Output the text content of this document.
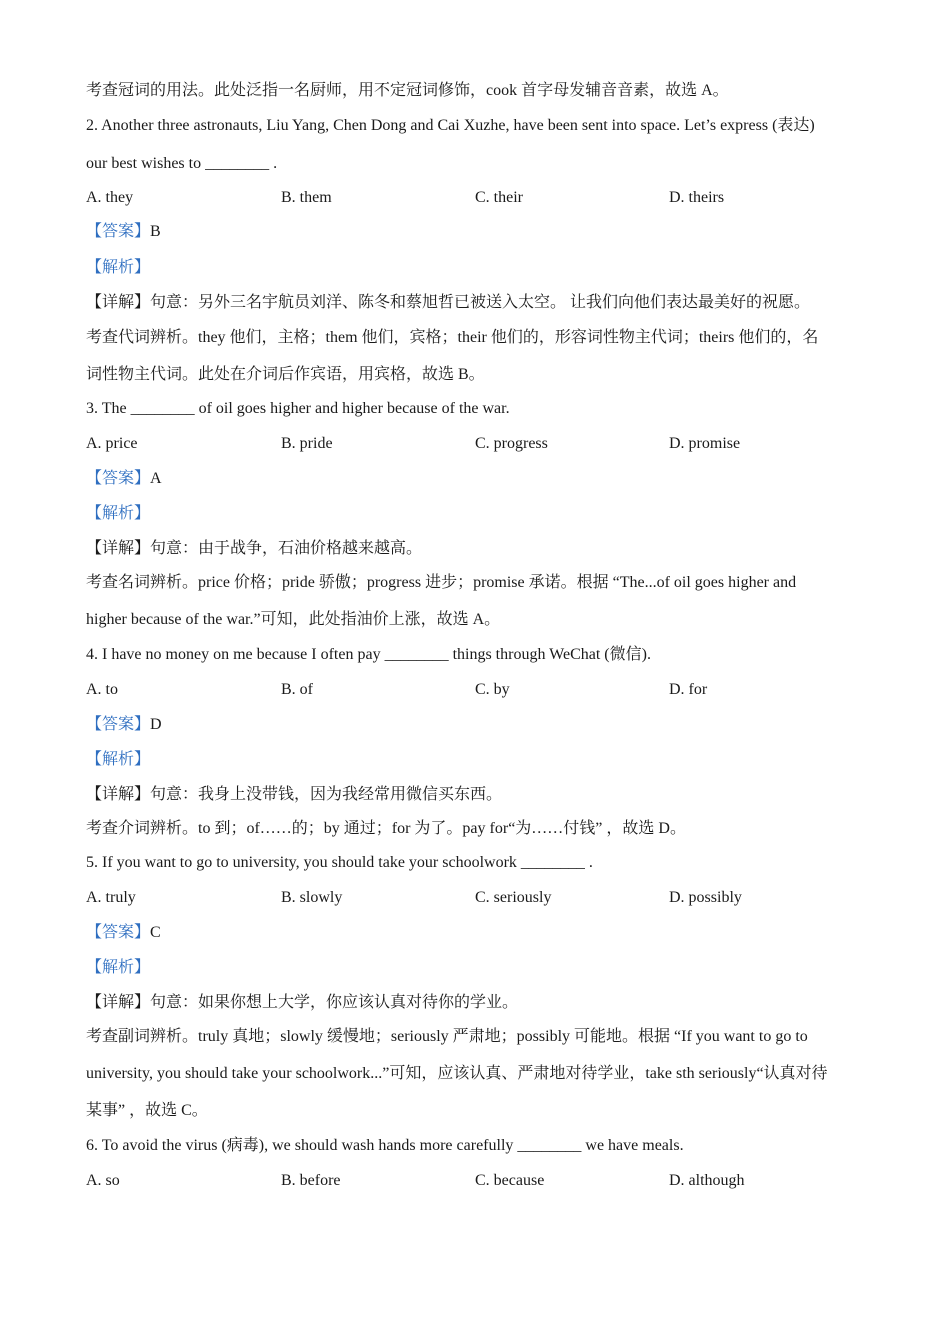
考查冠词的用法。此处泛指一名厨师，用不定冠词修饰，cook 首字母发辅音音素，故选 A。
2. Another three astronauts, Liu Yang, Chen Dong and Cai Xuzhe, have been sent into space. Let’s express (表达)
our best wishes to ________ .
A. they	B. them	C. their	D. theirs
【答案】B
【解析】
【详解】句意：另外三名宇航员刘洋、陈冬和蔡旭哲已被送入太空。 让我们向他们表达最美好的祝愿。
考查代词辨析。they 他们，主格；them 他们，宾格；their 他们的，形容词性物主代词；theirs 他们的，名
词性物主代词。此处在介词后作宾语，用宾格，故选 B。
3. The ________ of oil goes higher and higher because of the war.
A. price	B. pride	C. progress	D. promise
【答案】A
【解析】
【详解】句意：由于战争，石油价格越来越高。
考查名词辨析。price 价格；pride 骄傲；progress 进步；promise 承诺。根据 “The...of oil goes higher and
higher because of the war.”可知，此处指油价上涨，故选 A。
4. I have no money on me because I often pay ________ things through WeChat (微信).
A. to	B. of	C. by	D. for
【答案】D
【解析】
【详解】句意：我身上没带钱，因为我经常用微信买东西。
考查介词辨析。to 到；of……的；by 通过；for 为了。pay for“为……付钱” ，故选 D。
5. If you want to go to university, you should take your schoolwork ________ .
A. truly	B. slowly	C. seriously	D. possibly
【答案】C
【解析】
【详解】句意：如果你想上大学，你应该认真对待你的学业。
考查副词辨析。truly 真地；slowly 缓慢地；seriously 严肃地；possibly 可能地。根据 “If you want to go to
university, you should take your schoolwork...”可知，应该认真、严肃地对待学业，take sth seriously“认真对待
某事” ，故选 C。
6. To avoid the virus (病毒), we should wash hands more carefully ________ we have meals.
A. so	B. before	C. because	D. although
